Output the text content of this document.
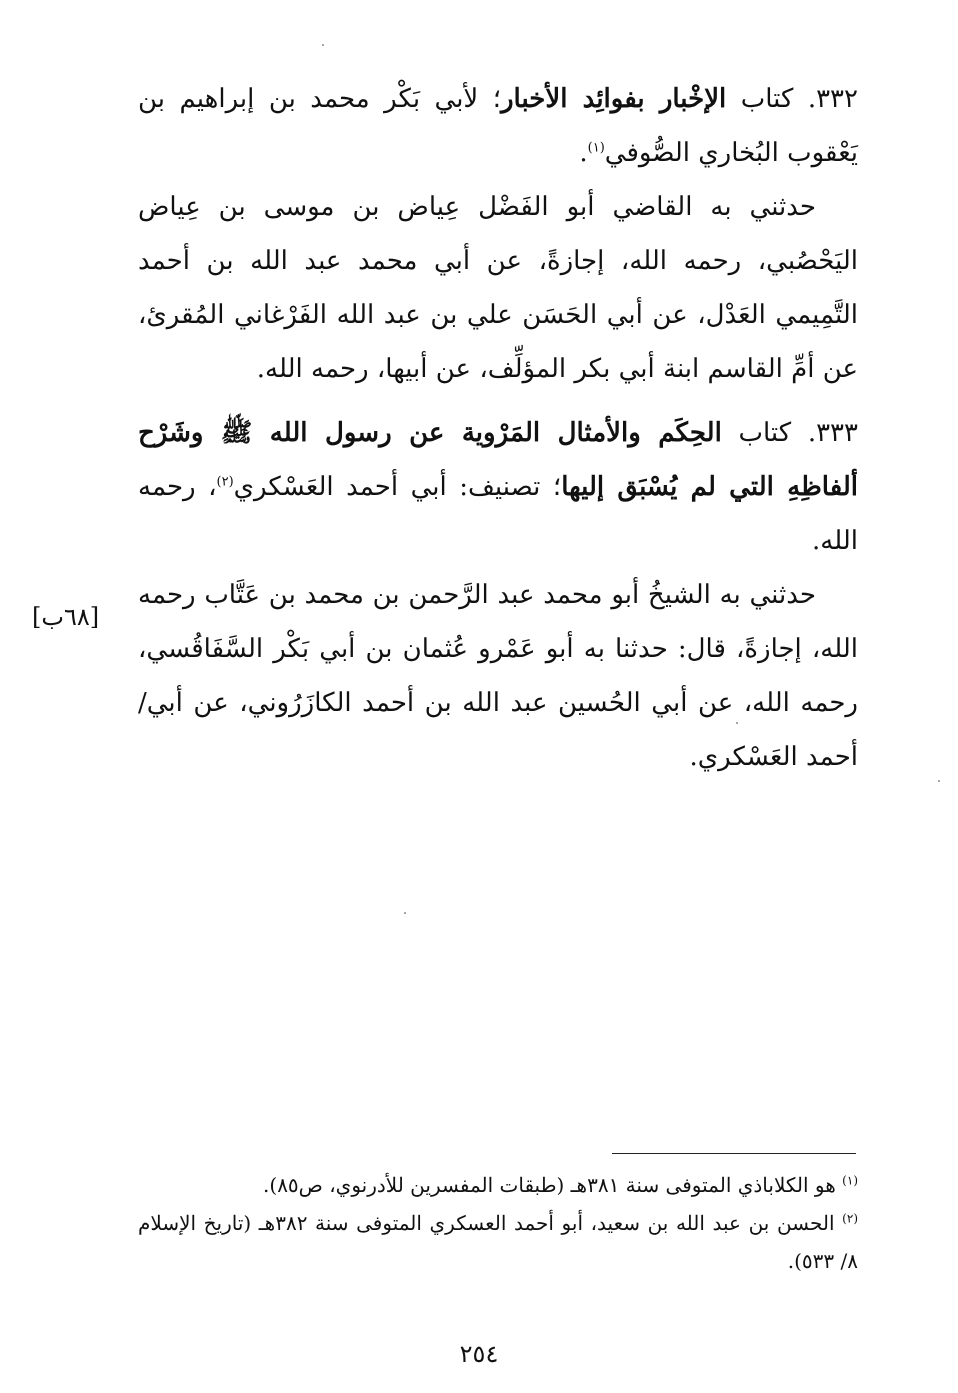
٣٣٢. كتاب الإخْبار بفوائِد الأخبار؛ لأبي بَكْر محمد بن إبراهيم بن يَعْقوب البُخاري الصُّوفي$^{(١)}$.
حدثني به القاضي أبو الفَضْل عِياض بن موسى بن عِياض اليَحْصُبي، رحمه الله، إجازةً، عن أبي محمد عبد الله بن أحمد التَّمِيمي العَدْل، عن أبي الحَسَن علي بن عبد الله الفَرْغاني المُقرئ، عن أمِّ القاسم ابنة أبي بكر المؤلِّف، عن أبيها، رحمه الله.
٣٣٣. كتاب الحِكَم والأمثال المَرْوية عن رسول الله ﷺ وشَرْح ألفاظِهِ التي لم يُسْبَق إليها؛ تصنيف: أبي أحمد العَسْكري$^{(٢)}$، رحمه الله.
حدثني به الشيخُ أبو محمد عبد الرَّحمن بن محمد بن عَتَّاب رحمه الله، إجازةً، قال: حدثنا به أبو عَمْرو عُثمان بن أبي بَكْر السَّفَاقُسي، رحمه الله، عن أبي الحُسين عبد الله بن أحمد الكازَرُوني، عن أبي/ أحمد العَسْكري.
[٦٨ب]
$^{(١)}$ هو الكلاباذي المتوفى سنة ٣٨١هـ (طبقات المفسرين للأدرنوي، ص٨٥).
$^{(٢)}$ الحسن بن عبد الله بن سعيد، أبو أحمد العسكري المتوفى سنة ٣٨٢هـ (تاريخ الإسلام ٨/ ٥٣٣).
٢٥٤
